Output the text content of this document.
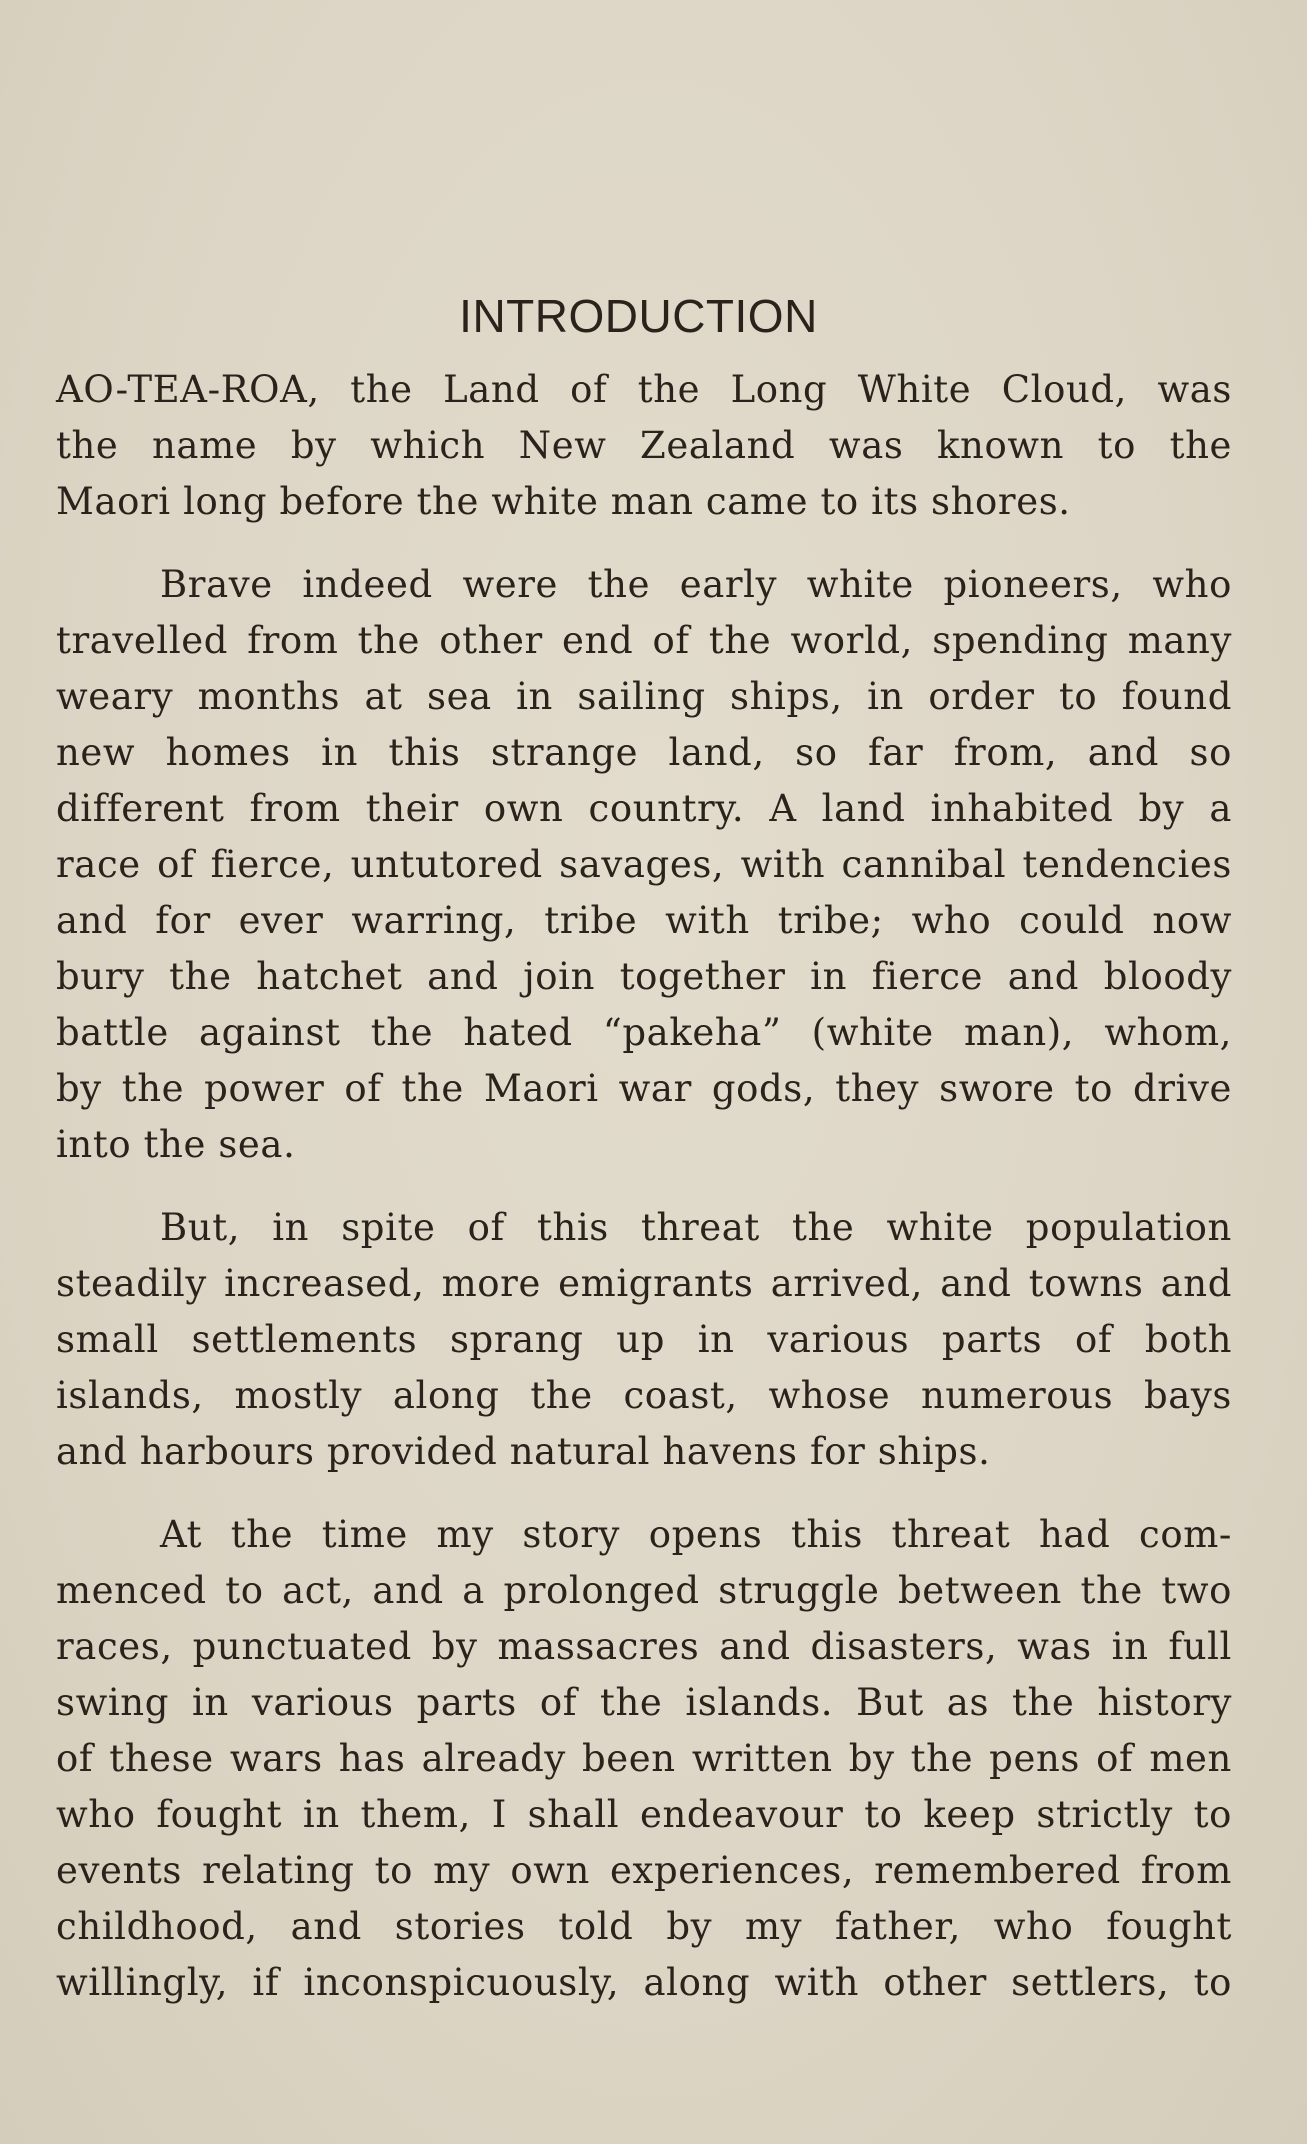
INTRODUCTION

AO-TEA-ROA, the Land of the Long White Cloud, was
the name by which New Zealand was known to the
Maori long before the white man came to its shores.

Brave indeed were the early white pioneers, who
travelled from the other end of the world, spending many
weary months at sea in sailing ships, in order to found
new homes in this strange land, so far from, and so
different from their own country. A land inhabited by a
race of fierce, untutored savages, with cannibal tendencies
and for ever warring, tribe with tribe; who could now
bury the hatchet and join together in fierce and bloody
battle against the hated “pakeha” (white man), whom,
by the power of the Maori war gods, they swore to drive
into the sea.

But, in spite of this threat the white population
steadily increased, more emigrants arrived, and towns and
small settlements sprang up in various parts of both
islands, mostly along the coast, whose numerous bays
and harbours provided natural havens for ships.

At the time my story opens this threat had com-
menced to act, and a prolonged struggle between the two
races, punctuated by massacres and disasters, was in full
swing in various parts of the islands. But as the history
of these wars has already been written by the pens of men
who fought in them, I shall endeavour to keep strictly to
events relating to my own experiences, remembered from
childhood, and stories told by my father, who fought
willingly, if inconspicuously, along with other settlers, to
